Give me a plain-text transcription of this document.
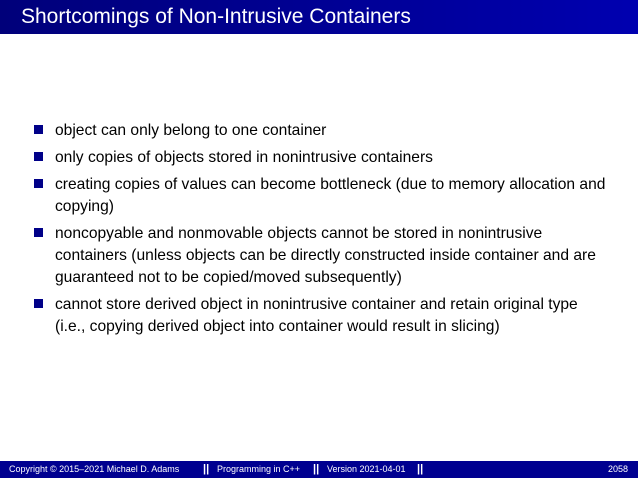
Shortcomings of Non-Intrusive Containers
object can only belong to one container
only copies of objects stored in nonintrusive containers
creating copies of values can become bottleneck (due to memory allocation and copying)
noncopyable and nonmovable objects cannot be stored in nonintrusive containers (unless objects can be directly constructed inside container and are guaranteed not to be copied/moved subsequently)
cannot store derived object in nonintrusive container and retain original type (i.e., copying derived object into container would result in slicing)
Copyright © 2015–2021 Michael D. Adams || Programming in C++ || Version 2021-04-01 ||	2058
